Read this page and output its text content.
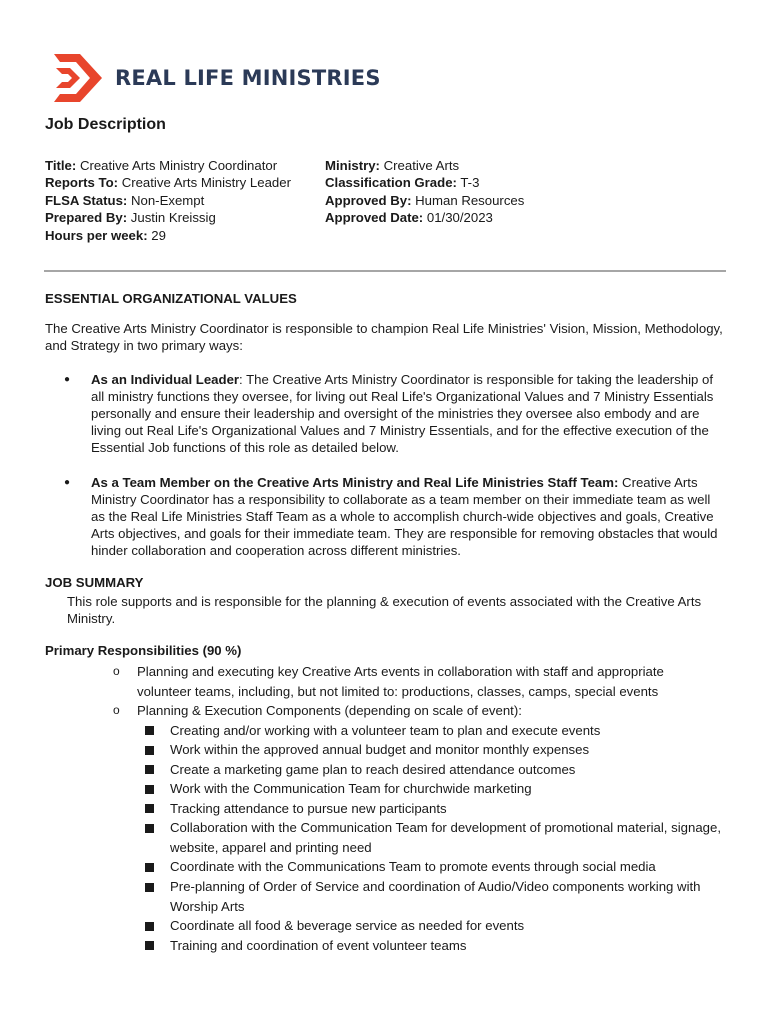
REAL LIFE MINISTRIES
Job Description
Title: Creative Arts Ministry Coordinator
Reports To: Creative Arts Ministry Leader
FLSA Status: Non-Exempt
Prepared By: Justin Kreissig
Hours per week: 29
Ministry: Creative Arts
Classification Grade: T-3
Approved By: Human Resources
Approved Date: 01/30/2023
ESSENTIAL ORGANIZATIONAL VALUES
The Creative Arts Ministry Coordinator is responsible to champion Real Life Ministries' Vision, Mission, Methodology, and Strategy in two primary ways:
● As an Individual Leader: The Creative Arts Ministry Coordinator is responsible for taking the leadership of all ministry functions they oversee, for living out Real Life's Organizational Values and 7 Ministry Essentials personally and ensure their leadership and oversight of the ministries they oversee also embody and are living out Real Life's Organizational Values and 7 Ministry Essentials, and for the effective execution of the Essential Job functions of this role as detailed below.
● As a Team Member on the Creative Arts Ministry and Real Life Ministries Staff Team: Creative Arts Ministry Coordinator has a responsibility to collaborate as a team member on their immediate team as well as the Real Life Ministries Staff Team as a whole to accomplish church-wide objectives and goals, Creative Arts objectives, and goals for their immediate team. They are responsible for removing obstacles that would hinder collaboration and cooperation across different ministries.
JOB SUMMARY
This role supports and is responsible for the planning & execution of events associated with the Creative Arts Ministry.
Primary Responsibilities (90 %)
o Planning and executing key Creative Arts events in collaboration with staff and appropriate volunteer teams, including, but not limited to: productions, classes, camps, special events
o Planning & Execution Components (depending on scale of event):
Creating and/or working with a volunteer team to plan and execute events
Work within the approved annual budget and monitor monthly expenses
Create a marketing game plan to reach desired attendance outcomes
Work with the Communication Team for churchwide marketing
Tracking attendance to pursue new participants
Collaboration with the Communication Team for development of promotional material, signage, website, apparel and printing need
Coordinate with the Communications Team to promote events through social media
Pre-planning of Order of Service and coordination of Audio/Video components working with Worship Arts
Coordinate all food & beverage service as needed for events
Training and coordination of event volunteer teams
